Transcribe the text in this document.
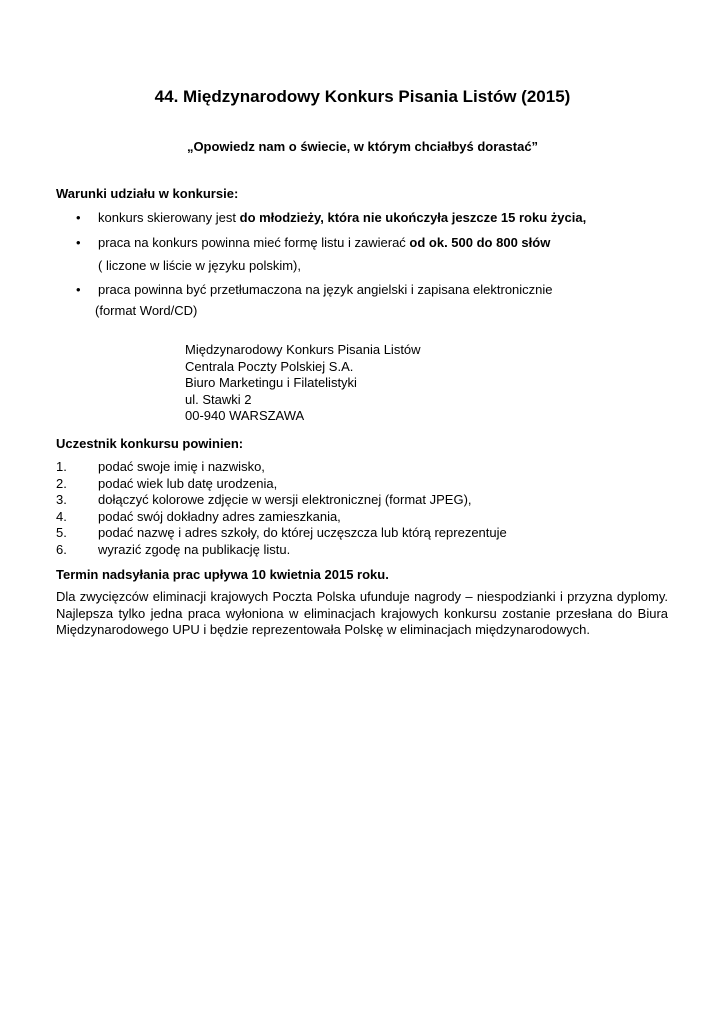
44. Międzynarodowy Konkurs Pisania Listów (2015)

„Opowiedz nam o świecie, w którym chciałbyś dorastać”

Warunki udziału w konkursie:

• konkurs skierowany jest do młodzieży, która nie ukończyła jeszcze 15 roku życia,
• praca na konkurs powinna mieć formę listu i zawierać od ok. 500 do 800 słów
( liczone w liście w języku polskim),
• praca powinna być przetłumaczona na język angielski i zapisana elektronicznie
(format Word/CD)

Międzynarodowy Konkurs Pisania Listów
Centrala Poczty Polskiej S.A.
Biuro Marketingu i Filatelistyki
ul. Stawki 2
00-940 WARSZAWA

Uczestnik konkursu powinien:

1. podać swoje imię i nazwisko,
2. podać wiek lub datę urodzenia,
3. dołączyć kolorowe zdjęcie w wersji elektronicznej (format JPEG),
4. podać swój dokładny adres zamieszkania,
5. podać nazwę i adres szkoły, do której uczęszcza lub którą reprezentuje
6. wyrazić zgodę na publikację listu.

Termin nadsyłania prac upływa 10 kwietnia 2015 roku.

Dla zwycięzców eliminacji krajowych Poczta Polska ufunduje nagrody – niespodzianki i przyzna dyplomy. Najlepsza tylko jedna praca wyłoniona w eliminacjach krajowych konkursu zostanie przesłana do Biura Międzynarodowego UPU i będzie reprezentowała Polskę w eliminacjach międzynarodowych.
